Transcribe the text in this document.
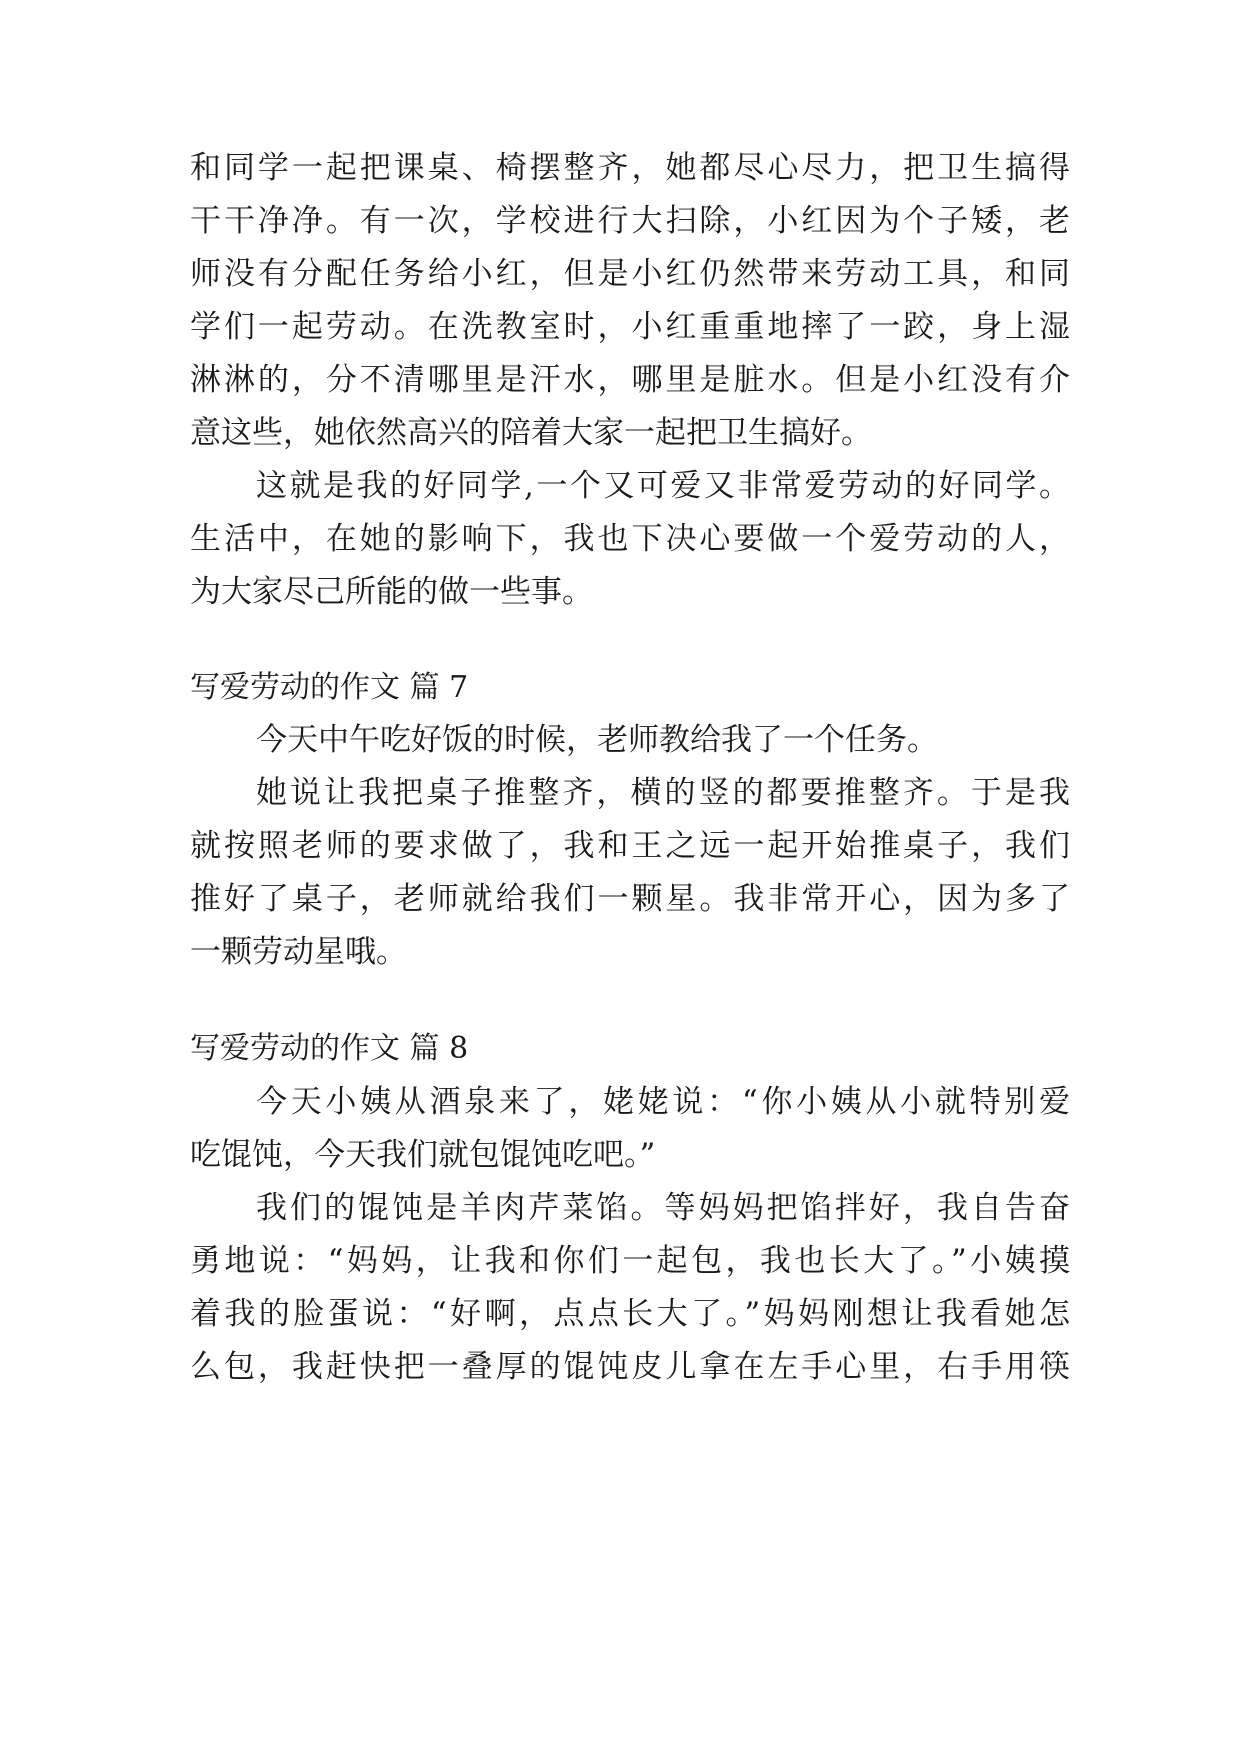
和同学一起把课桌、椅摆整齐，她都尽心尽力，把卫生搞得

干干净净。有一次，学校进行大扫除，小红因为个子矮，老

师没有分配任务给小红，但是小红仍然带来劳动工具，和同

学们一起劳动。在洗教室时，小红重重地摔了一跤，身上湿

淋淋的，分不清哪里是汗水，哪里是脏水。但是小红没有介

意这些，她依然高兴的陪着大家一起把卫生搞好。

这就是我的好同学,一个又可爱又非常爱劳动的好同学。

生活中，在她的影响下，我也下决心要做一个爱劳动的人，

为大家尽己所能的做一些事。

写爱劳动的作文 篇 7

今天中午吃好饭的时候，老师教给我了一个任务。

她说让我把桌子推整齐，横的竖的都要推整齐。于是我

就按照老师的要求做了，我和王之远一起开始推桌子，我们

推好了桌子，老师就给我们一颗星。我非常开心，因为多了

一颗劳动星哦。

写爱劳动的作文 篇 8

今天小姨从酒泉来了，姥姥说：“你小姨从小就特别爱

吃馄饨，今天我们就包馄饨吃吧。”

我们的馄饨是羊肉芹菜馅。等妈妈把馅拌好，我自告奋

勇地说：“妈妈，让我和你们一起包，我也长大了。”小姨摸

着我的脸蛋说：“好啊，点点长大了。”妈妈刚想让我看她怎

么包，我赶快把一叠厚的馄饨皮儿拿在左手心里，右手用筷
